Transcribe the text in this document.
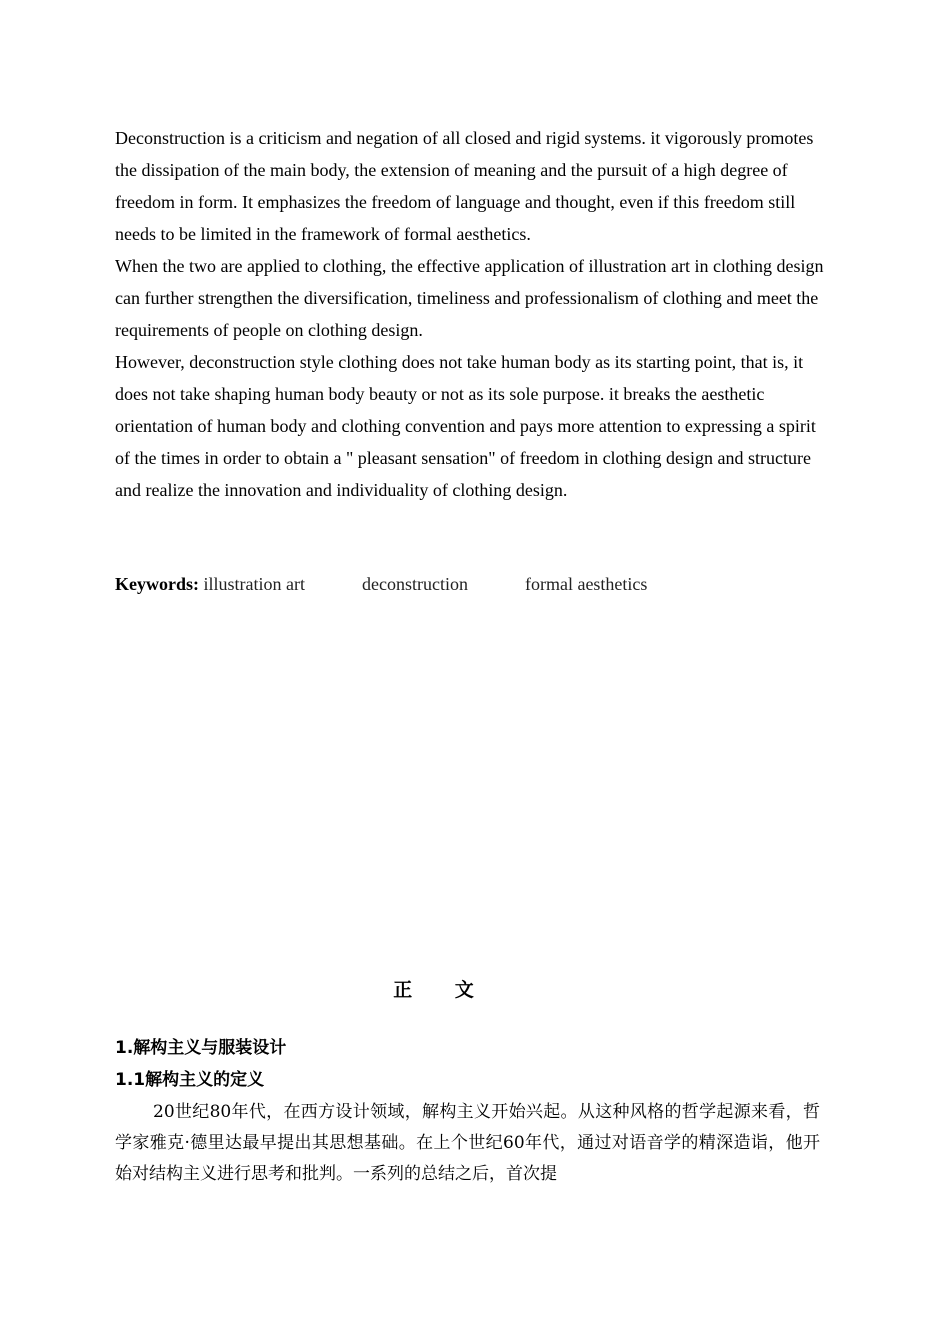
Deconstruction is a criticism and negation of all closed and rigid systems. it vigorously promotes the dissipation of the main body, the extension of meaning and the pursuit of a high degree of freedom in form. It emphasizes the freedom of language and thought, even if this freedom still needs to be limited in the framework of formal aesthetics.

When the two are applied to clothing, the effective application of illustration art in clothing design can further strengthen the diversification, timeliness and professionalism of clothing and meet the requirements of people on clothing design.

However, deconstruction style clothing does not take human body as its starting point, that is, it does not take shaping human body beauty or not as its sole purpose. it breaks the aesthetic orientation of human body and clothing convention and pays more attention to expressing a spirit of the times in order to obtain a " pleasant sensation" of freedom in clothing design and structure and realize the innovation and individuality of clothing design.

Keywords: illustration art	deconstruction	formal aesthetics
正 文
1.解构主义与服装设计
1.1解构主义的定义

20世纪80年代，在西方设计领域，解构主义开始兴起。从这种风格的哲学起源来看，哲学家雅克·德里达最早提出其思想基础。在上个世纪60年代，通过对语音学的精深造诣，他开始对结构主义进行思考和批判。一系列的总结之后，首次提
